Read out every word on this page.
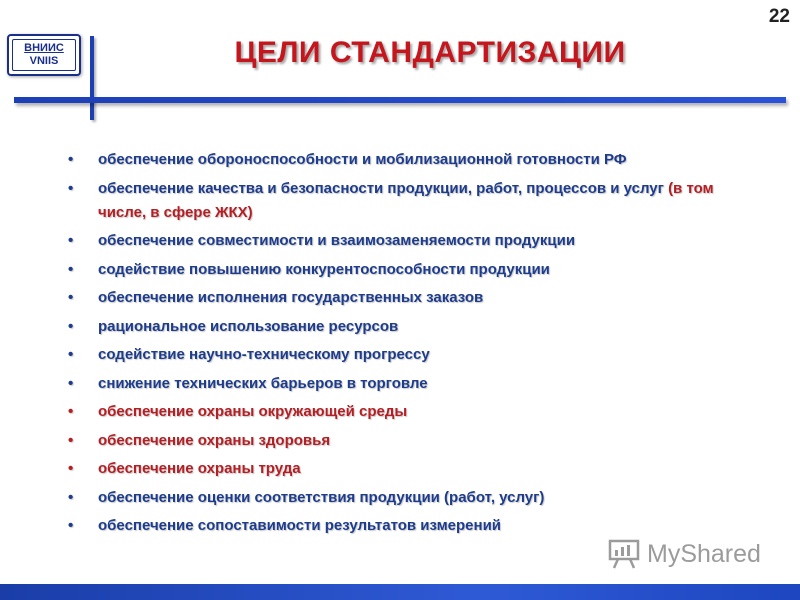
ВНИИС
VNIIS	ЦЕЛИ СТАНДАРТИЗАЦИИ
22
• обеспечение обороноспособности и мобилизационной готовности РФ
• обеспечение качества и безопасности продукции, работ, процессов и услуг (в том числе, в сфере ЖКХ)
• обеспечение совместимости и взаимозаменяемости продукции
• содействие повышению конкурентоспособности продукции
• обеспечение исполнения государственных заказов
• рациональное использование ресурсов
• содействие научно-техническому прогрессу
• снижение технических барьеров в торговле
• обеспечение охраны окружающей среды
• обеспечение охраны здоровья
• обеспечение охраны труда
• обеспечение оценки соответствия продукции (работ, услуг)
• обеспечение сопоставимости результатов измерений
MyShared
